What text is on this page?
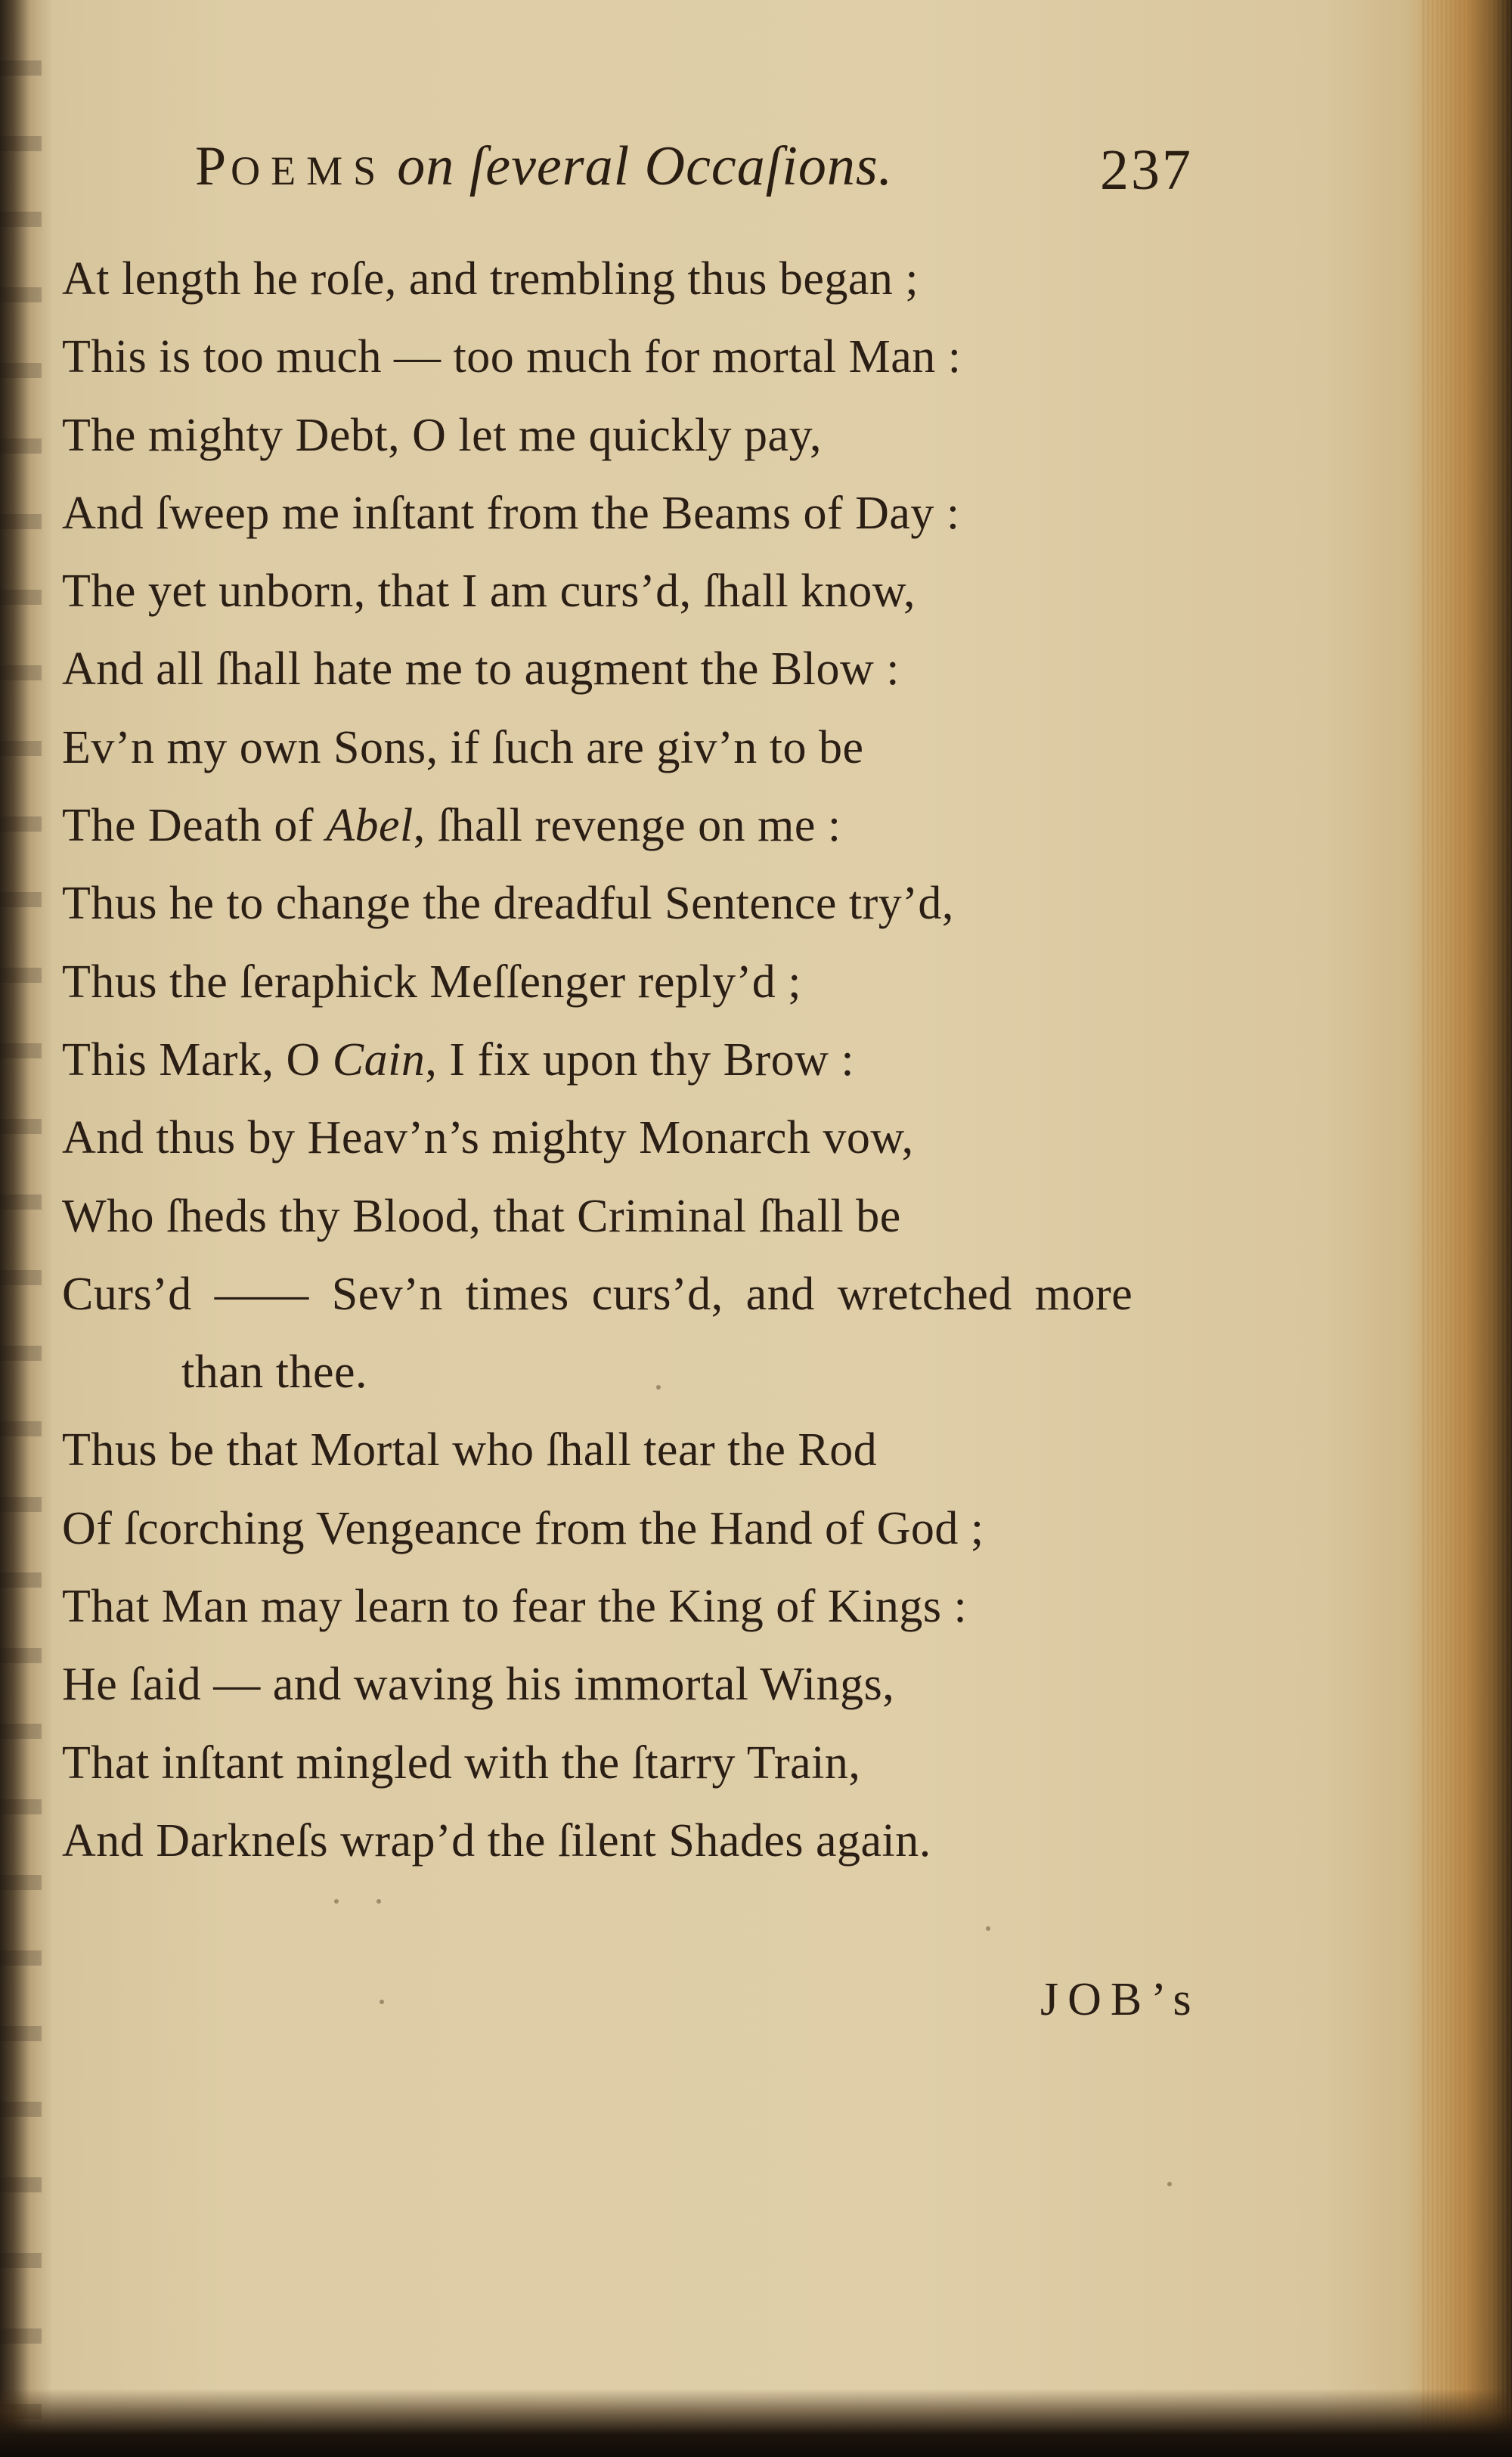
POEMS on ſeveral Occaſions.	237
At length he roſe, and trembling thus began ;
This is too much — too much for mortal Man :
The mighty Debt, O let me quickly pay,
And ſweep me inſtant from the Beams of Day :
The yet unborn, that I am curs’d, ſhall know,
And all ſhall hate me to augment the Blow :
Ev’n my own Sons, if ſuch are giv’n to be
The Death of Abel, ſhall revenge on me :
Thus he to change the dreadful Sentence try’d,
Thus the ſeraphick Meſſenger reply’d ;
This Mark, O Cain, I fix upon thy Brow :
And thus by Heav’n’s mighty Monarch vow,
Who ſheds thy Blood, that Criminal ſhall be
Curs’d —— Sev’n times curs’d, and wretched more
than thee.
Thus be that Mortal who ſhall tear the Rod
Of ſcorching Vengeance from the Hand of God ;
That Man may learn to fear the King of Kings :
He ſaid — and waving his immortal Wings,
That inſtant mingled with the ſtarry Train,
And Darkneſs wrap’d the ſilent Shades again.
JOB’s
